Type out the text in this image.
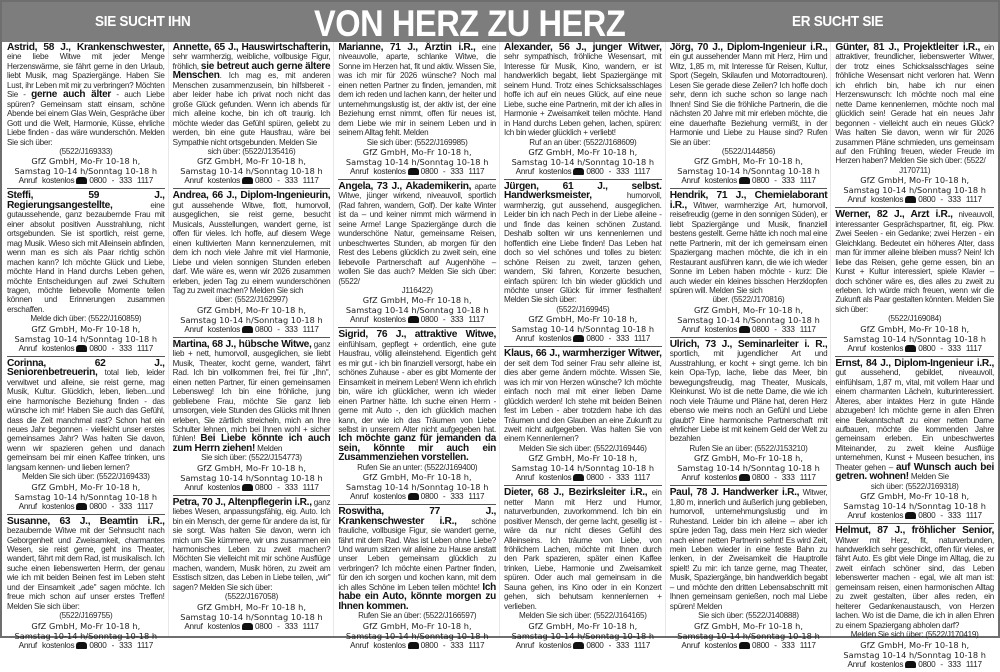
SIE SUCHT IHN	VON HERZ ZU HERZ	ER SUCHT SIE
Astrid, 58 J., Krankenschwester, eine liebe Witwe mit jeder Menge Herzenswärme, sie fährt gerne in den Urlaub, liebt Musik, mag Spaziergänge. Haben Sie Lust, ihr Leben mit mir zu verbringen? Möchten Sie - gerne auch älter - auch Liebe spüren? Gemeinsam statt einsam, schöne Abende bei einem Glas Wein, Gespräche über Gott und die Welt, Harmonie, Küsse, ehrliche Liebe finden - das wäre wunderschön. Melden Sie sich über:
(5522/J169333)
GfZ GmbH, Mo-Fr 10-18 h,
Samstag 10-14 h/Sonntag 10-18 h
Anruf kostenlos 0800 - 333 1117
Steffi, 59 J., Regierungsangestellte, eine gutaussehende, ganz bezaubernde Frau mit einer absolut positiven Ausstrahlung, nicht ortsgebunden. Sie ist sportlich, reist gerne, mag Musik. Wieso sich mit Alleinsein abfinden, wenn man es sich als Paar richtig schön machen kann? Ich möchte Glück und Liebe, möchte Hand in Hand durchs Leben gehen, möchte Entscheidungen auf zwei Schultern tragen, möchte liebevolle Momente teilen können und Erinnerungen zusammen erschaffen.
Melde dich über: (5522/J160859)
GfZ GmbH, Mo-Fr 10-18 h,
Samstag 10-14 h/Sonntag 10-18 h
Anruf kostenlos 0800 - 333 1117
Corinna, 62 J., Seniorenbetreuerin, total lieb, leider verwitwet und alleine, sie reist gerne, mag Musik, Kultur. Glücklich, leben, lieben...und eine harmonische Beziehung finden - das wünsche ich mir! Haben Sie auch das Gefühl, dass die Zeit manchmal rast? Schon hat ein neues Jahr begonnen - vielleicht unser erstes gemeinsames Jahr? Was halten Sie davon, wenn wir spazieren gehen und danach gemeinsam bei mir einen Kaffee trinken, uns langsam kennen- und lieben lernen?
Melden Sie sich über: (5522/J169433)
GfZ GmbH, Mo-Fr 10-18 h,
Samstag 10-14 h/Sonntag 10-18 h
Anruf kostenlos 0800 - 333 1117
Susanne, 63 J., Beamtin i.R., bezaubernde Witwe mit der Sehnsucht nach Geborgenheit und Zweisamkeit, charmantes Wesen, sie reist gerne, geht ins Theater, wandert, fährt mit dem Rad, ist musikalisch. Ich suche einen liebenswerten Herrn, der genau wie ich mit beiden Beinen fest im Leben steht und der Einsamkeit „ade" sagen möchte. Ich freue mich schon auf unser erstes Treffen! Melden Sie sich über:
(5522/J169755)
GfZ GmbH, Mo-Fr 10-18 h,
Samstag 10-14 h/Sonntag 10-18 h
Anruf kostenlos 0800 - 333 1117
Annette, 65 J., Hauswirtschafterin, sehr warmherzig, weibliche, vollbusige Figur, fröhlich, sie betreut auch gerne ältere Menschen. Ich mag es, mit anderen Menschen zusammenzusein, bin hilfsbereit - aber leider habe ich privat noch nicht das große Glück gefunden. Wenn ich abends für mich alleine koche, bin ich oft traurig. Ich möchte wieder das Gefühl spüren, geliebt zu werden, bin eine gute Hausfrau, wäre bei Sympathie nicht ortsgebunden. Melden Sie
sich über: (5522/J135416)
GfZ GmbH, Mo-Fr 10-18 h,
Samstag 10-14 h/Sonntag 10-18 h
Anruf kostenlos 0800 - 333 1117
Andrea, 66 J., Diplom-Ingenieurin, gut aussehende Witwe, flott, humorvoll, ausgeglichen, sie reist gerne, besucht Musicals, Ausstellungen, wandert gerne, ist offen für vieles. Ich hoffe, auf diesem Wege einen kultivierten Mann kennenzulernen, mit dem ich noch viele Jahre mit viel Harmonie, Liebe und vielen sonnigen Stunden erleben darf. Wie wäre es, wenn wir 2026 zusammen erleben, jeden Tag zu einem wunderschönen Tag zu zweit machen? Melden Sie sich
über: (5522/J162997)
GfZ GmbH, Mo-Fr 10-18 h,
Samstag 10-14 h/Sonntag 10-18 h
Anruf kostenlos 0800 - 333 1117
Martina, 68 J., hübsche Witwe, ganz lieb + nett, humorvoll, ausgeglichen, sie liebt Musik, Theater, kocht gerne, wandert, fährt Rad. Ich bin vollkommen frei, frei für „Ihn", einen netten Partner, für einen gemeinsamen Lebensweg! Ich bin eine fröhliche, jung gebliebene Frau, möchte Sie ganz lieb umsorgen, viele Stunden des Glücks mit Ihnen erleben, Sie zärtlich streicheln, mich an Ihre Schulter lehnen, mich bei Ihnen wohl + sicher fühlen! Bei Liebe könnte ich auch zum Herrn ziehen! Melden
Sie sich über: (5522/J154773)
GfZ GmbH, Mo-Fr 10-18 h,
Samstag 10-14 h/Sonntag 10-18 h
Anruf kostenlos 0800 - 333 1117
Petra, 70 J., Altenpflegerin i.R., ganz liebes Wesen, anpassungsfähig, eig. Auto. Ich bin ein Mensch, der gerne für andere da ist, für sie sorgt. Was halten Sie davon, wenn ich mich um Sie kümmere, wir uns zusammen ein harmonisches Leben zu zweit machen? Möchten Sie vielleicht mit mir schöne Ausflüge machen, wandern, Musik hören, zu zweit am Esstisch sitzen, das Leben in Liebe teilen, „wir" sagen? Melden Sie sich über:
(5522/J167058)
GfZ GmbH, Mo-Fr 10-18 h,
Samstag 10-14 h/Sonntag 10-18 h
Anruf kostenlos 0800 - 333 1117
Marianne, 71 J., Ärztin i.R., eine niveauvolle, aparte, schlanke Witwe, die Sonne im Herzen hat, fit und aktiv. Wissen Sie, was ich mir für 2026 wünsche? Noch mal einen netten Partner zu finden, jemanden, mit dem ich reden und lachen kann, der heiter und unternehmungslustig ist, der aktiv ist, der eine Beziehung ernst nimmt, offen für neues ist, dem Liebe wie mir in seinem Leben und in seinem Alltag fehlt. Melden
Sie sich über: (5522/J169985)
GfZ GmbH, Mo-Fr 10-18 h,
Samstag 10-14 h/Sonntag 10-18 h
Anruf kostenlos 0800 - 333 1117
Angela, 73 J., Akademikerin, aparte Witwe, jünger wirkend, niveauvoll, sportlich (Rad fahren, wandern, Golf). Der kalte Winter ist da – und keiner nimmt mich wärmend in seine Arme! Lange Spaziergänge durch die wunderschöne Natur, gemeinsame Reisen, unbeschwertes Stunden, ab morgen für den Rest des Lebens glücklich zu zweit sein, eine liebevolle Partnerschaft auf Augenhöhe – wollen Sie das auch? Melden Sie sich über: (5522/
J116422)
GfZ GmbH, Mo-Fr 10-18 h,
Samstag 10-14 h/Sonntag 10-18 h
Anruf kostenlos 0800 - 333 1117
Sigrid, 76 J., attraktive Witwe, einfühlsam, gepflegt + ordentlich, eine gute Hausfrau, völlig alleinstehend. Eigentlich geht es mir gut - ich bin finanziell versorgt, habe ein schönes Zuhause - aber es gibt Momente der Einsamkeit in meinem Leben! Wenn ich ehrlich bin, wäre ich glücklicher, wenn ich wieder einen Partner hätte. Ich suche einen Herrn - gerne mit Auto -, den ich glücklich machen kann, der wie ich das Träumen von Liebe selbst in unserem Alter nicht aufgegeben hat. Ich möchte ganz für jemanden da sein, könnte mir auch ein Zusammenziehen vorstellen.
Rufen Sie an unter: (5522/J169400)
GfZ GmbH, Mo-Fr 10-18 h,
Samstag 10-14 h/Sonntag 10-18 h
Anruf kostenlos 0800 - 333 1117
Roswitha, 77 J., Krankenschwester i.R., schöne frauliche, vollbusige Figur, sie wandert gerne, fährt mit dem Rad. Was ist Leben ohne Liebe? Und warum sitzen wir alleine zu Hause anstatt unser Leben gemeinsam glücklich zu verbringen? Ich möchte einen Partner finden, für den ich sorgen und kochen kann, mit dem ich alles Schöne im Leben teilen möchte! Ich habe ein Auto, könnte morgen zu Ihnen kommen.
Rufen Sie an über: (5522/J166597)
GfZ GmbH, Mo-Fr 10-18 h,
Samstag 10-14 h/Sonntag 10-18 h
Anruf kostenlos 0800 - 333 1117
Alexander, 56 J., junger Witwer, sehr sympathisch, fröhliche Wesensart, mit Interesse für Musik, Kino, wandern, er ist handwerklich begabt, liebt Spaziergänge mit seinem Hund. Trotz eines Schicksalsschlages hoffe ich auf ein neues Glück, auf eine neue Liebe, suche eine Partnerin, mit der ich alles in Harmonie + Zweisamkeit teilen möchte. Hand in Hand durchs Leben gehen, lachen, spüren: Ich bin wieder glücklich + verliebt!
Ruf an an über: (5522/J168609)
GfZ GmbH, Mo-Fr 10-18 h,
Samstag 10-14 h/Sonntag 10-18 h
Anruf kostenlos 0800 - 333 1117
Jürgen, 61 J., selbst. Handwerksmeister, humorvoll, warmherzig, gut aussehend, ausgeglichen. Leider bin ich nach Pech in der Liebe alleine - und finde das keinen schönen Zustand. Deshalb sollten wir uns kennenlernen und hoffentlich eine Liebe finden! Das Leben hat doch so viel schönes und tolles zu bieten: schöne Reisen zu zweit, tanzen gehen, wandern, Ski fahren, Konzerte besuchen, einfach spüren: Ich bin wieder glücklich und möchte unser Glück für immer festhalten! Melden Sie sich über:
(5522/J169945)
GfZ GmbH, Mo-Fr 10-18 h,
Samstag 10-14 h/Sonntag 10-18 h
Anruf kostenlos 0800 - 333 1117
Klaus, 66 J., warmherziger Witwer, der seit dem Tod seiner Frau sehr alleine ist, dies aber gerne ändern möchte. Wissen Sie, was ich mir von Herzen wünsche? Ich möchte einfach noch mal mit einer lieben Dame glücklich werden! Ich stehe mit beiden Beinen fest im Leben - aber trotzdem habe ich das Träumen und den Glauben an eine Zukunft zu zweit nicht aufgegeben. Was halten Sie von einem Kennenlernen?
Melden Sie sich über: (5522/J169446)
GfZ GmbH, Mo-Fr 10-18 h,
Samstag 10-14 h/Sonntag 10-18 h
Anruf kostenlos 0800 - 333 1117
Dieter, 68 J., Bezirksleiter i.R., ein netter Mann mit Herz und Humor, naturverbunden, zuvorkommend. Ich bin ein positiver Mensch, der gerne lacht, gesellig ist - wäre da nur nicht dieses Gefühl des Alleinseins. Ich träume von Liebe, von fröhlichem Lachen, möchte mit Ihnen durch den Park spazieren, später einen Kaffee trinken, Liebe, Harmonie und Zweisamkeit spüren. Oder auch mal gemeinsam in die Sauna gehen, ins Kino oder in ein Konzert gehen, sich behutsam kennenlernen + verlieben.
Melden Sie sich über: (5522/J164165)
GfZ GmbH, Mo-Fr 10-18 h,
Samstag 10-14 h/Sonntag 10-18 h
Anruf kostenlos 0800 - 333 1117
Jörg, 70 J., Diplom-Ingenieur i.R., ein gut aussehender Mann mit Herz, Hirn und Witz, 1,85 m, mit Interesse für Reisen, Kultur, Sport (Segeln, Skilaufen und Motorradtouren). Lesen Sie gerade diese Zeilen? Ich hoffe doch sehr, denn ich suche schon so lange nach Ihnen! Sind Sie die fröhliche Partnerin, die die nächsten 20 Jahre mit mir erleben möchte, die eine dauerhafte Beziehung vermißt, in der Harmonie und Liebe zu Hause sind? Rufen Sie an über:
(5522/J144856)
GfZ GmbH, Mo-Fr 10-18 h,
Samstag 10-14 h/Sonntag 10-18 h
Anruf kostenlos 0800 - 333 1117
Hendrik, 71 J., Chemielaborant i.R., Witwer, warmherzige Art, humorvoll, reisefreudig (gerne in den sonnigen Süden), er liebt Spaziergänge und Musik, finanziell bestens gestellt. Gerne hätte ich noch mal eine nette Partnerin, mit der ich gemeinsam einen Spaziergang machen möchte, die ich in ein Restaurant ausführen kann, die wie ich wieder Sonne im Leben haben möchte - kurz: Die auch wieder ein kleines bisschen Herzklopfen spüren will. Melden Sie sich
über. (5522/J170816)
GfZ GmbH, Mo-Fr 10-18 h,
Samstag 10-14 h/Sonntag 10-18 h
Anruf kostenlos 0800 - 333 1117
Ulrich, 73 J., Seminarleiter i. R., sportlich, mit jugendlicher Art und Ausstrahlung, er kocht + singt gerne. Ich bin kein Opa-Typ, lache, liebe das Meer, bin bewegungsfreudig, mag Theater, Musicals, Kleinkunst. Wo ist die nette Dame, die wie ich noch viele Träume und Pläne hat, deren Herz ebenso wie meins noch an Gefühl und Liebe glaubt? Eine harmonische Partnerschaft mit ehrlicher Liebe ist mit keinem Geld der Welt zu bezahlen
Rufen Sie an über: (5522/J153210)
GfZ GmbH, Mo-Fr 10-18 h,
Samstag 10-14 h/Sonntag 10-18 h
Anruf kostenlos 0800 - 333 1117
Paul, 78 J. Handwerker i.R., Witwer, 1,80 m, innerlich und äußerlich jung geblieben, humorvoll, unternehmungslustig und im Ruhestand. Leider bin ich alleine – aber ich spüre jeden Tag, dass mein Herz sich wieder nach einer netten Partnerin sehnt! Es wird Zeit, mein Leben wieder in eine feste Bahn zu lenken, in der Zweisamkeit die Hauptrolle spielt! Zu mir: ich tanze gerne, mag Theater, Musik, Spaziergänge, bin handwerklich begabt – und möchte den dritten Lebensabschnitt mit Ihnen gemeinsam genießen, noch mal Liebe spüren! Melden
Sie sich über: (5522/J140888)
GfZ GmbH, Mo-Fr 10-18 h,
Samstag 10-14 h/Sonntag 10-18 h
Anruf kostenlos 0800 - 333 1117
Günter, 81 J., Projektleiter i.R., ein attraktiver, freundlicher, liebenswerter Witwer, der trotz eines Schicksalsschlages seine fröhliche Wesensart nicht verloren hat. Wenn ich ehrlich bin, habe ich nur einen Herzenswunsch: Ich möchte noch mal eine nette Dame kennenlernen, möchte noch mal glücklich sein! Gerade hat ein neues Jahr begonnen - vielleicht auch ein neues Glück? Was halten Sie davon, wenn wir für 2026 zusammen Pläne schmieden, uns gemeinsam auf den Frühling freuen, wieder Freude im Herzen haben? Melden Sie sich über: (5522/
J170711)
GfZ GmbH, Mo-Fr 10-18 h,
Samstag 10-14 h/Sonntag 10-18 h
Anruf kostenlos 0800 - 333 1117
Werner, 82 J., Arzt i.R., niveauvoll, interessanter Gesprächspartner, fit, eig. Pkw. Zwei Seelen - ein Gedanke; zwei Herzen - ein Gleichklang. Bedeutet ein höheres Alter, dass man für immer alleine bleiben muss? Nein! Ich liebe das Reisen, gehe gerne essen, bin an Kunst + Kultur interessiert, spiele Klavier – doch schöner wäre es, dies alles zu zweit zu erleben. Ich würde mich freuen, wenn wir die Zukunft als Paar gestalten könnten. Melden Sie sich über:
(5522/J169084)
GfZ GmbH, Mo-Fr 10-18 h,
Samstag 10-14 h/Sonntag 10-18 h
Anruf kostenlos 0800 - 333 1117
Ernst, 84 J., Diplom-Ingenieur i.R., gut aussehend, gebildet, niveauvoll, einfühlsam, 1,87 m, vital, mit vollem Haar und einem charmanten Lächeln, kulturinteressiert. Älteres, aber intaktes Herz in gute Hände abzugeben! Ich möchte gerne in allen Ehren eine Bekanntschaft zu einer netten Dame aufbauen, möchte die kommenden Jahre gemeinsam erleben. Ein unbeschwertes Miteinander, zu zweit kleine Ausflüge unternehmen, Kunst + Museen besuchen, ins Theater gehen – auf Wunsch auch bei getren. wohnen! Melden Sie
sich über: (5522/J169318)
GfZ GmbH, Mo-Fr 10-18 h,
Samstag 10-14 h/Sonntag 10-18 h
Anruf kostenlos 0800 - 333 1117
Helmut, 87 J., fröhlicher Senior, Witwer mit Herz, fit, naturverbunden, handwerklich sehr geschickt, offen für vieles, er fährt Auto. Es gibt viele Dinge im Alltag, die zu zweit einfach schöner sind, das Leben lebenswerter machen - egal, wie alt man ist: gemeinsam reisen, einen harmonischen Alltag zu zweit gestalten, über alles reden, ein heiterer Gedankenaustausch, von Herzen lachen. Wo ist die Dame, die ich in allen Ehren zu einem Spaziergang abholen darf?
Melden Sie sich über: (5522/J170419)
GfZ GmbH, Mo-Fr 10-18 h,
Samstag 10-14 h/Sonntag 10-18 h
Anruf kostenlos 0800 - 333 1117
